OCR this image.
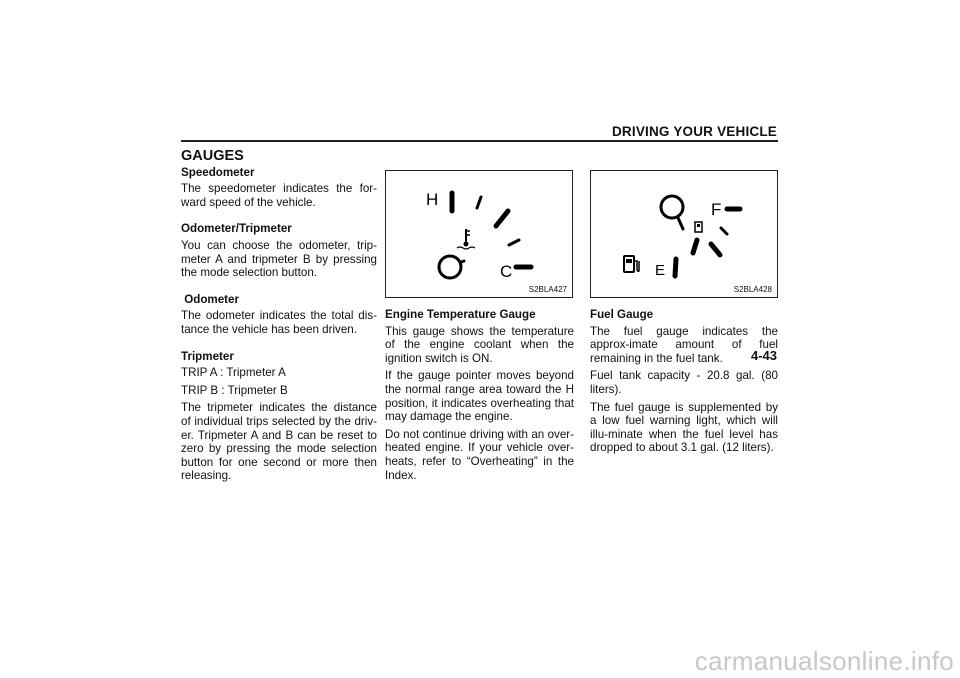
DRIVING YOUR VEHICLE
GAUGES
Speedometer

The speedometer indicates the for-ward speed of the vehicle.

Odometer/Tripmeter

You can choose the odometer, trip-meter A and tripmeter B by pressing the mode selection button.

Odometer

The odometer indicates the total dis-tance the vehicle has been driven.

Tripmeter

TRIP A : Tripmeter A

TRIP B : Tripmeter B

The tripmeter indicates the distance of individual trips selected by the driv-er. Tripmeter A and B can be reset to zero by pressing the mode selection button for one second or more then releasing.

H
C
S2BLA427
F
E
S2BLA428
Engine Temperature Gauge

This gauge shows the temperature of the engine coolant when the ignition switch is ON.

If the gauge pointer moves beyond the normal range area toward the H position, it indicates overheating that may damage the engine.

Do not continue driving with an over-heated engine. If your vehicle over-heats, refer to “Overheating” in the Index.

Fuel Gauge

The fuel gauge indicates the approx-imate amount of fuel remaining in the fuel tank.

Fuel tank capacity - 20.8 gal. (80 liters).

The fuel gauge is supplemented by a low fuel warning light, which will illu-minate when the fuel level has dropped to about 3.1 gal. (12 liters).

4-43
carmanualsonline.info
